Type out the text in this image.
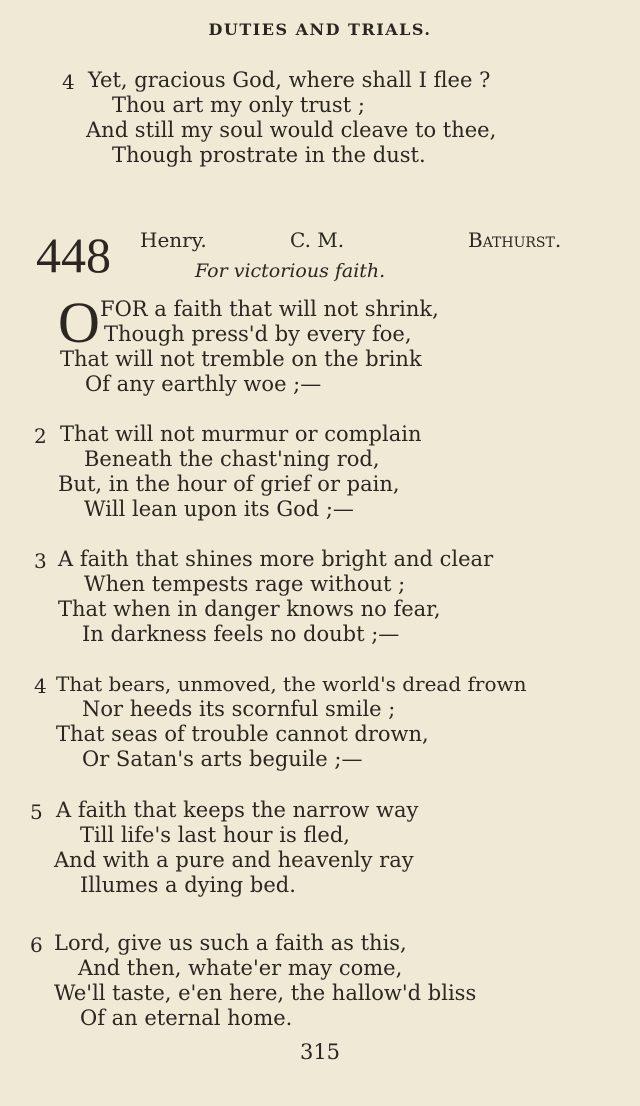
DUTIES AND TRIALS.
4 Yet, gracious God, where shall I flee ?
Thou art my only trust ;
And still my soul would cleave to thee,
Though prostrate in the dust.
448 Henry.	C. M.	Bathurst.
For victorious faith.
O FOR a faith that will not shrink,
Though press'd by every foe,
That will not tremble on the brink
Of any earthly woe ;—
2 That will not murmur or complain
Beneath the chast'ning rod,
But, in the hour of grief or pain,
Will lean upon its God ;—
3 A faith that shines more bright and clear
When tempests rage without ;
That when in danger knows no fear,
In darkness feels no doubt ;—
4 That bears, unmoved, the world's dread frown
Nor heeds its scornful smile ;
That seas of trouble cannot drown,
Or Satan's arts beguile ;—
5 A faith that keeps the narrow way
Till life's last hour is fled,
And with a pure and heavenly ray
Illumes a dying bed.
6 Lord, give us such a faith as this,
And then, whate'er may come,
We'll taste, e'en here, the hallow'd bliss
Of an eternal home.
315
